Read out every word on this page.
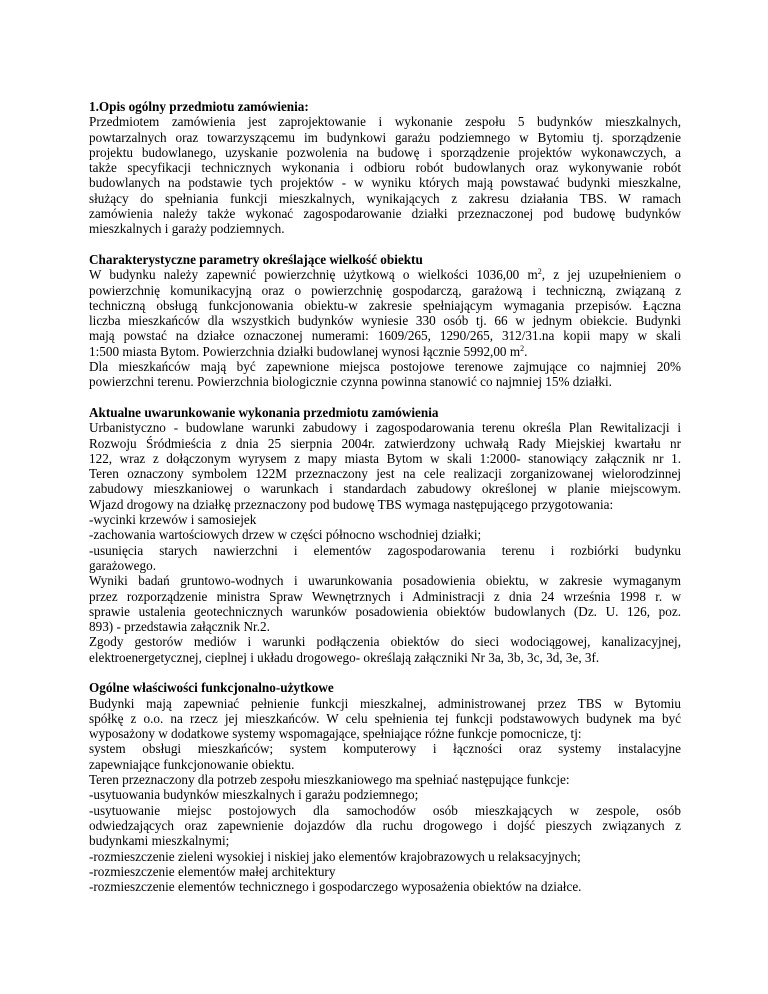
1.Opis ogólny przedmiotu zamówienia:
Przedmiotem zamówienia jest zaprojektowanie i wykonanie zespołu 5 budynków mieszkalnych,
powtarzalnych oraz towarzyszącemu im budynkowi garażu podziemnego w Bytomiu tj. sporządzenie
projektu budowlanego, uzyskanie pozwolenia na budowę i sporządzenie projektów wykonawczych, a
także specyfikacji technicznych wykonania i odbioru robót budowlanych oraz wykonywanie robót
budowlanych na podstawie tych projektów - w wyniku których mają powstawać budynki mieszkalne,
służący do spełniania funkcji mieszkalnych, wynikających z zakresu działania TBS. W ramach
zamówienia należy także wykonać zagospodarowanie działki przeznaczonej pod budowę budynków
mieszkalnych i garaży podziemnych.
Charakterystyczne parametry określające wielkość obiektu
W budynku należy zapewnić powierzchnię użytkową o wielkości 1036,00 $m^2$, z jej uzupełnieniem o
powierzchnię komunikacyjną oraz o powierzchnię gospodarczą, garażową i techniczną, związaną z
techniczną obsługą funkcjonowania obiektu-w zakresie spełniającym wymagania przepisów. Łączna
liczba mieszkańców dla wszystkich budynków wyniesie 330 osób tj. 66 w jednym obiekcie. Budynki
mają powstać na działce oznaczonej numerami: 1609/265, 1290/265, 312/31.na kopii mapy w skali
1:500 miasta Bytom. Powierzchnia działki budowlanej wynosi łącznie 5992,00 $m^2$.
Dla mieszkańców mają być zapewnione miejsca postojowe terenowe zajmujące co najmniej 20%
powierzchni terenu. Powierzchnia biologicznie czynna powinna stanowić co najmniej 15% działki.
Aktualne uwarunkowanie wykonania przedmiotu zamówienia
Urbanistyczno - budowlane warunki zabudowy i zagospodarowania terenu określa Plan Rewitalizacji i
Rozwoju Śródmieścia z dnia 25 sierpnia 2004r. zatwierdzony uchwałą Rady Miejskiej kwartału nr
122, wraz z dołączonym wyrysem z mapy miasta Bytom w skali 1:2000- stanowiący załącznik nr 1.
Teren oznaczony symbolem 122M przeznaczony jest na cele realizacji zorganizowanej wielorodzinnej
zabudowy mieszkaniowej o warunkach i standardach zabudowy określonej w planie miejscowym.
Wjazd drogowy na działkę przeznaczony pod budowę TBS wymaga następującego przygotowania:
-wycinki krzewów i samosiejek
-zachowania wartościowych drzew w części północno wschodniej działki;
-usunięcia starych nawierzchni i elementów zagospodarowania terenu i rozbiórki budynku
garażowego.
Wyniki badań gruntowo-wodnych i uwarunkowania posadowienia obiektu, w zakresie wymaganym
przez rozporządzenie ministra Spraw Wewnętrznych i Administracji z dnia 24 września 1998 r. w
sprawie ustalenia geotechnicznych warunków posadowienia obiektów budowlanych (Dz. U. 126, poz.
893) - przedstawia załącznik Nr.2.
Zgody gestorów mediów i warunki podłączenia obiektów do sieci wodociągowej, kanalizacyjnej,
elektroenergetycznej, cieplnej i układu drogowego- określają załączniki Nr 3a, 3b, 3c, 3d, 3e, 3f.
Ogólne właściwości funkcjonalno-użytkowe
Budynki mają zapewniać pełnienie funkcji mieszkalnej, administrowanej przez TBS w Bytomiu
spółkę z o.o. na rzecz jej mieszkańców. W celu spełnienia tej funkcji podstawowych budynek ma być
wyposażony w dodatkowe systemy wspomagające, spełniające różne funkcje pomocnicze, tj:
system obsługi mieszkańców; system komputerowy i łączności oraz systemy instalacyjne
zapewniające funkcjonowanie obiektu.
Teren przeznaczony dla potrzeb zespołu mieszkaniowego ma spełniać następujące funkcje:
-usytuowania budynków mieszkalnych i garażu podziemnego;
-usytuowanie miejsc postojowych dla samochodów osób mieszkających w zespole, osób
odwiedzających oraz zapewnienie dojazdów dla ruchu drogowego i dojść pieszych związanych z
budynkami mieszkalnymi;
-rozmieszczenie zieleni wysokiej i niskiej jako elementów krajobrazowych u relaksacyjnych;
-rozmieszczenie elementów małej architektury
-rozmieszczenie elementów technicznego i gospodarczego wyposażenia obiektów na działce.
